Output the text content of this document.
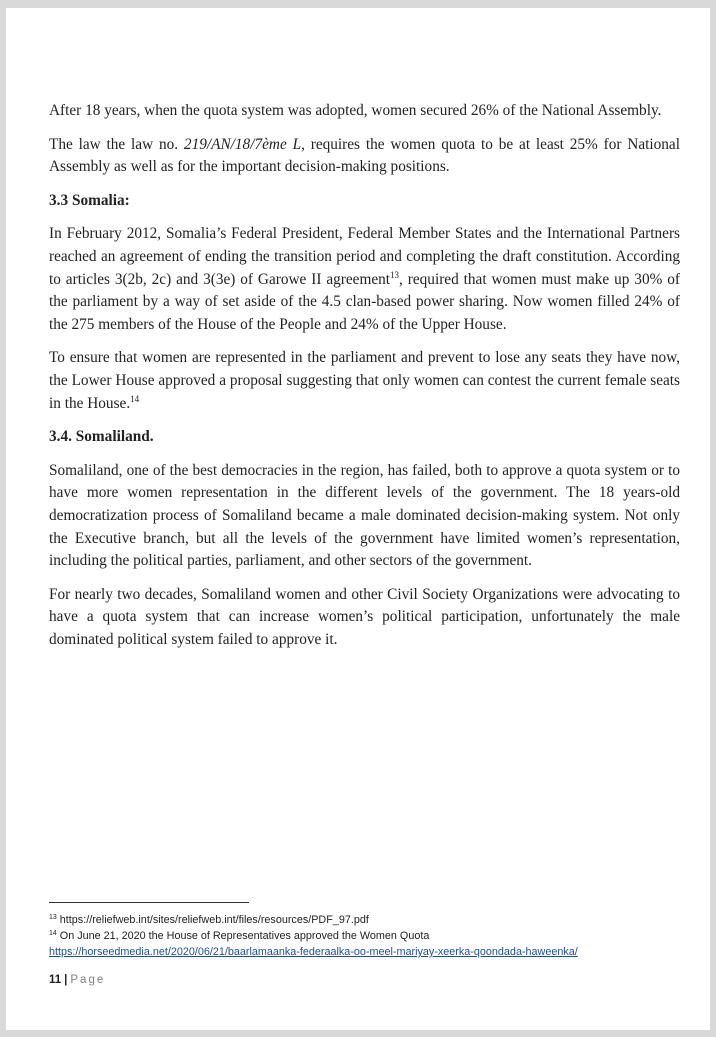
After 18 years, when the quota system was adopted, women secured 26% of the National Assembly.

The law the law no. 219/AN/18/7ème L, requires the women quota to be at least 25% for National Assembly as well as for the important decision-making positions.

3.3 Somalia:

In February 2012, Somalia’s Federal President, Federal Member States and the International Partners reached an agreement of ending the transition period and completing the draft constitution. According to articles 3(2b, 2c) and 3(3e) of Garowe II agreement$^{13}$, required that women must make up 30% of the parliament by a way of set aside of the 4.5 clan-based power sharing. Now women filled 24% of the 275 members of the House of the People and 24% of the Upper House.

To ensure that women are represented in the parliament and prevent to lose any seats they have now, the Lower House approved a proposal suggesting that only women can contest the current female seats in the House.$^{14}$

3.4. Somaliland.

Somaliland, one of the best democracies in the region, has failed, both to approve a quota system or to have more women representation in the different levels of the government. The 18 years-old democratization process of Somaliland became a male dominated decision-making system. Not only the Executive branch, but all the levels of the government have limited women’s representation, including the political parties, parliament, and other sectors of the government.

For nearly two decades, Somaliland women and other Civil Society Organizations were advocating to have a quota system that can increase women’s political participation, unfortunately the male dominated political system failed to approve it.

$^{13}$ https://reliefweb.int/sites/reliefweb.int/files/resources/PDF_97.pdf
$^{14}$ On June 21, 2020 the House of Representatives approved the Women Quota
https://horseedmedia.net/2020/06/21/baarlamaanka-federaalka-oo-meel-mariyay-xeerka-qoondada-haweenka/
11 | Page
